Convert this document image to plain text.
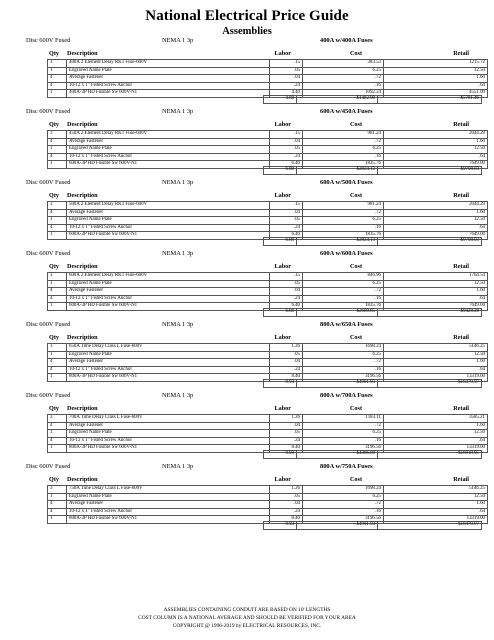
National Electrical Price Guide
Assemblies
Disc 600V Fused	NEMA 1 3p	400A w/400A Fuses
Qty Description	Labor	Cost	Retail
3	400A 2 Element Delay RK1 Fuse-600V	.15	383.53	1215.72
1	Engraved Name Plate	.05	6.25	12.50
4	Average Fastener	.04	.72	1.60
4	10-12 x 1" Fisted Screw Anchor	.24	.16	.64
1	400A-3P HD Fusible Sw 600V-N1	4.40	1092.24	4551.00
4.88	$1482.90	$5781.46
Disc 600V Fused	NEMA 1 3p	600A w/450A Fuses
Qty Description	Labor	Cost	Retail
3	450A 2 Element Delay RK1 Fuse-600V	.15	981.24	2044.29
4	Average Fastener	.04	.72	1.60
1	Engraved Name Plate	.05	6.25	12.50
4	10-12 x 1" Fisted Screw Anchor	.24	.16	.64
1	600A-3P HD Fusible Sw 600V-N1	6.40	1835.76	7649.00
6.88	$2824.13	$9708.03
Disc 600V Fused	NEMA 1 3p	600A w/500A Fuses
Qty Description	Labor	Cost	Retail
3	500A 2 Element Delay RK1 Fuse-600V	.15	981.24	2044.29
4	Average Fastener	.04	.72	1.60
1	Engraved Name Plate	.05	6.25	12.50
4	10-12 x 1" Fisted Screw Anchor	.24	.16	.64
1	600A-3P HD Fusible Sw 600V-N1	6.40	1835.76	7649.00
6.88	$2824.13	$9708.03
Disc 600V Fused	NEMA 1 3p	600A w/600A Fuses
Qty Description	Labor	Cost	Retail
3	600A 2 Element Delay RK1 Fuse-600V	.15	846.96	1764.54
1	Engraved Name Plate	.05	6.25	12.50
4	Average Fastener	.04	.72	1.60
4	10-12 x 1" Fisted Screw Anchor	.24	.16	.64
1	600A-3P HD Fusible Sw 600V-N1	6.40	1835.76	7649.00
6.88	$2689.85	$9428.28
Disc 600V Fused	NEMA 1 3p	800A w/650A Fuses
Qty Description	Labor	Cost	Retail
3	650A Time Delay Class L Fuse-600V	1.26	1698.24	5146.25
1	Engraved Name Plate	.05	6.25	12.50
4	Average Fastener	.04	.72	1.60
4	10-12 x 1" Fisted Screw Anchor	.24	.16	.64
1	800A-3P HD Fusible Sw 600V-N1	8.40	3196.56	13319.00
9.93	$4901.93	$18479.97
Disc 600V Fused	NEMA 1 3p	800A w/700A Fuses
Qty Description	Labor	Cost	Retail
3	700A Time Delay Class L Fuse-600V	1.26	1183.11	3585.21
4	Average Fastener	.04	.72	1.60
1	Engraved Name Plate	.05	6.25	12.50
4	10-12 x 1" Fisted Screw Anchor	.24	.16	.64
1	800A-3P HD Fusible Sw 600V-N1	8.40	3196.56	13319.00
9.93	$4386.80	$16918.95
Disc 600V Fused	NEMA 1 3p	800A w/750A Fuses
Qty Description	Labor	Cost	Retail
3	750A Time Delay Class L Fuse-600V	1.26	1698.24	5146.25
1	Engraved Name Plate	.05	6.25	12.50
4	Average Fastener	.04	.72	1.60
4	10-12 x 1" Fisted Screw Anchor	.24	.16	.64
1	800A-3P HD Fusible Sw 600V-N1	8.40	3196.56	13319.00
9.93	$4901.93	$18479.97
ASSEMBLIES CONTAINING CONDUIT ARE BASED ON 10' LENGTHS
COST COLUMN IS A NATIONAL AVERAGE AND SHOULD BE VERIFIED FOR YOUR AREA
COPYRIGHT @ 1996-2019 by ELECTRICAL RESOURCES, INC.
